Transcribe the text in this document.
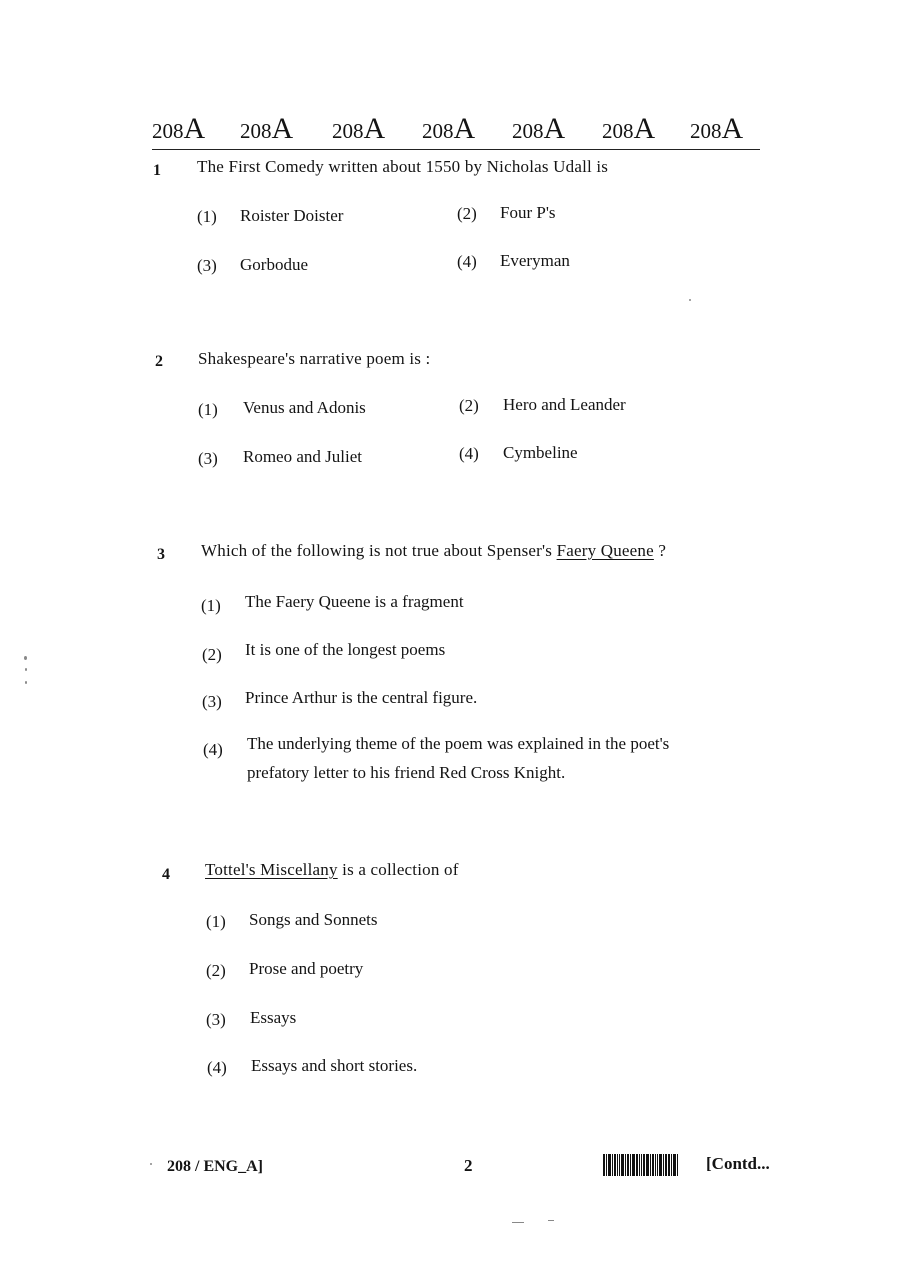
208A 208A 208A 208A 208A 208A 208A
1 The First Comedy written about 1550 by Nicholas Udall is
(1) Roister Doister	(2) Four P's
(3) Gorbodue	(4) Everyman
2 Shakespeare's narrative poem is :
(1) Venus and Adonis	(2) Hero and Leander
(3) Romeo and Juliet	(4) Cymbeline
3 Which of the following is not true about Spenser's Faery Queene ?
(1) The Faery Queene is a fragment
(2) It is one of the longest poems
(3) Prince Arthur is the central figure.
(4) The underlying theme of the poem was explained in the poet's
prefatory letter to his friend Red Cross Knight.
4 Tottel's Miscellany is a collection of
(1) Songs and Sonnets
(2) Prose and poetry
(3) Essays
(4) Essays and short stories.
208 / ENG_A]	2	[Contd...
